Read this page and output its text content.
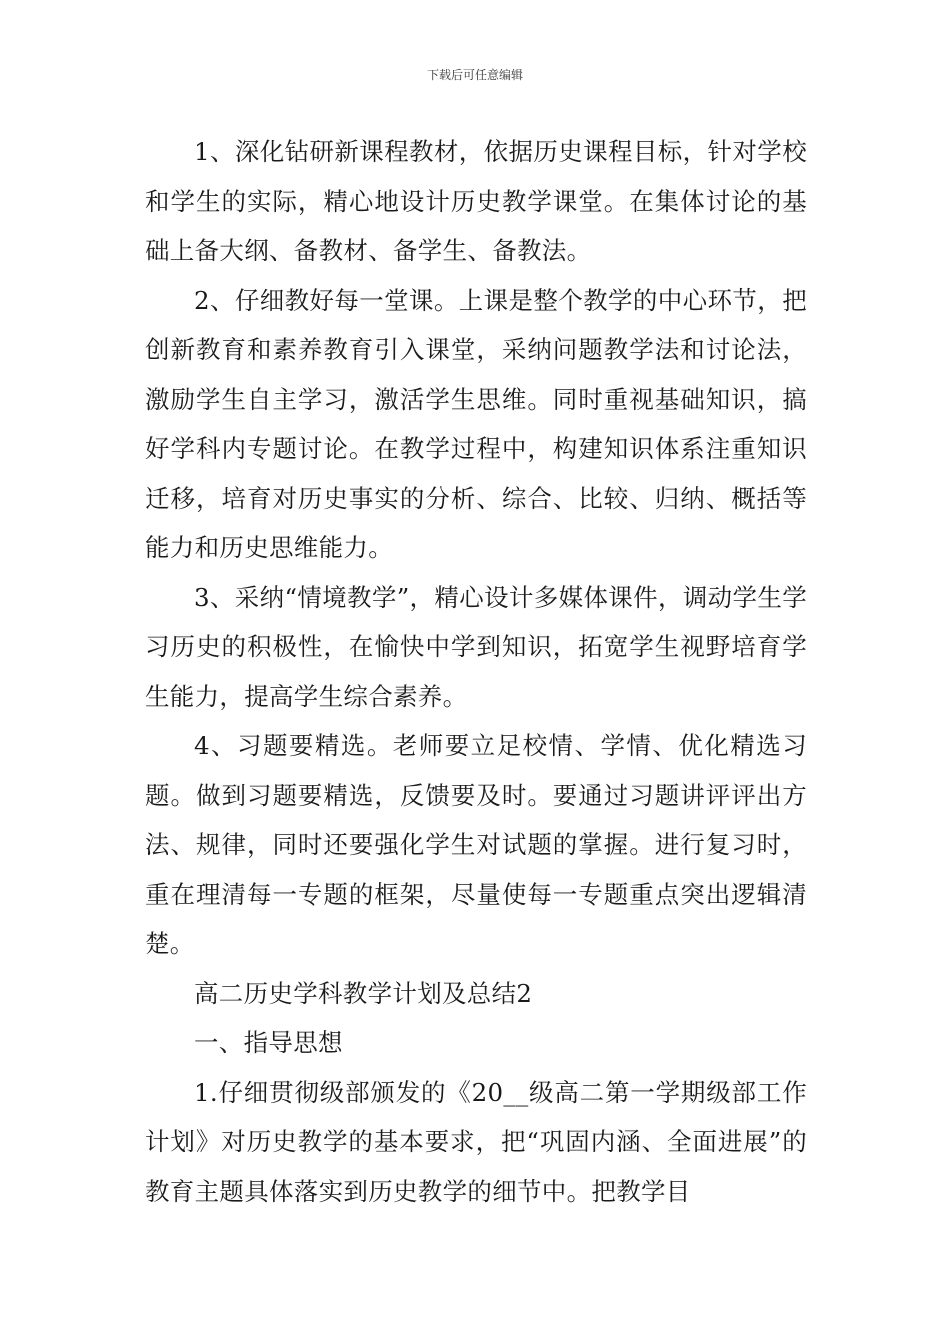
下载后可任意编辑

1、深化钻研新课程教材，依据历史课程目标，针对学校和学生的实际，精心地设计历史教学课堂。在集体讨论的基础上备大纲、备教材、备学生、备教法。

2、仔细教好每一堂课。上课是整个教学的中心环节，把创新教育和素养教育引入课堂，采纳问题教学法和讨论法，激励学生自主学习，激活学生思维。同时重视基础知识，搞好学科内专题讨论。在教学过程中，构建知识体系注重知识迁移，培育对历史事实的分析、综合、比较、归纳、概括等能力和历史思维能力。

3、采纳“情境教学”，精心设计多媒体课件，调动学生学习历史的积极性，在愉快中学到知识，拓宽学生视野培育学生能力，提高学生综合素养。

4、习题要精选。老师要立足校情、学情、优化精选习题。做到习题要精选，反馈要及时。要通过习题讲评评出方法、规律，同时还要强化学生对试题的掌握。进行复习时，重在理清每一专题的框架，尽量使每一专题重点突出逻辑清楚。

高二历史学科教学计划及总结2

一、指导思想

1.仔细贯彻级部颁发的《20__级高二第一学期级部工作计划》对历史教学的基本要求，把“巩固内涵、全面进展”的教育主题具体落实到历史教学的细节中。把教学目
